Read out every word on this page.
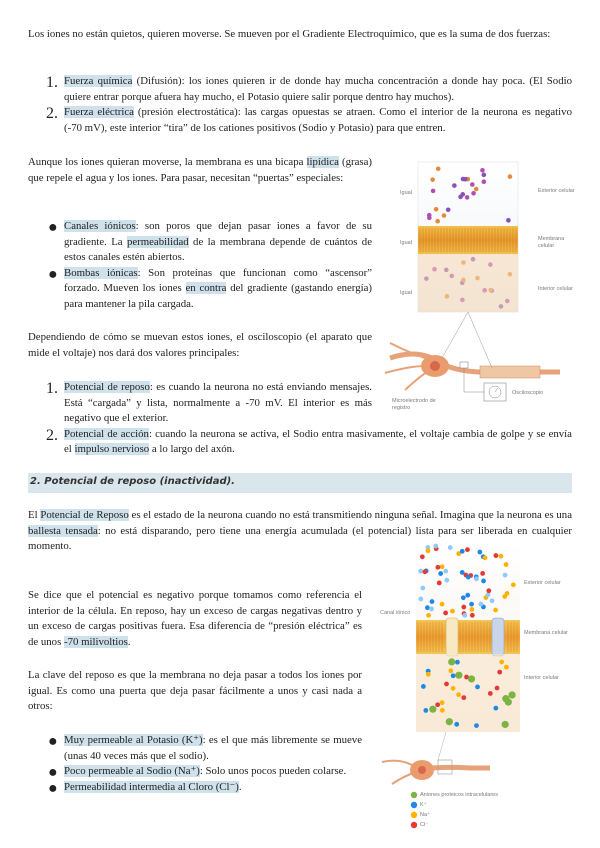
Los iones no están quietos, quieren moverse. Se mueven por el Gradiente Electroquímico, que es la suma de dos fuerzas:

1. Fuerza química (Difusión): los iones quieren ir de donde hay mucha concentración a donde hay poca. (El Sodio quiere entrar porque afuera hay mucho, el Potasio quiere salir porque dentro hay muchos).

2. Fuerza eléctrica (presión electrostática): las cargas opuestas se atraen. Como el interior de la neurona es negativo (-70 mV), este interior “tira” de los cationes positivos (Sodio y Potasio) para que entren.

Aunque los iones quieran moverse, la membrana es una bicapa lipídica (grasa) que repele el agua y los iones. Para pasar, necesitan “puertas” especiales:

● Canales iónicos: son poros que dejan pasar iones a favor de su gradiente. La permeabilidad de la membrana depende de cuántos de estos canales estén abiertos.

● Bombas iónicas: Son proteínas que funcionan como “ascensor” forzado. Mueven los iones en contra del gradiente (gastando energía) para mantener la pila cargada.

Dependiendo de cómo se muevan estos iones, el osciloscopio (el aparato que mide el voltaje) nos dará dos valores principales:

1. Potencial de reposo: es cuando la neurona no está enviando mensajes. Está “cargada” y lista, normalmente a -70 mV. El interior es más negativo que el exterior.

2. Potencial de acción: cuando la neurona se activa, el Sodio entra masivamente, el voltaje cambia de golpe y se envía el impulso nervioso a lo largo del axón.

2. Potencial de reposo (inactividad).

El Potencial de Reposo es el estado de la neurona cuando no está transmitiendo ninguna señal. Imagina que la neurona es una ballesta tensada: no está disparando, pero tiene una energía acumulada (el potencial) lista para ser liberada en cualquier momento.

Se dice que el potencial es negativo porque tomamos como referencia el interior de la célula. En reposo, hay un exceso de cargas negativas dentro y un exceso de cargas positivas fuera. Esa diferencia de “presión eléctrica” es de unos -70 milivoltios.

La clave del reposo es que la membrana no deja pasar a todos los iones por igual. Es como una puerta que deja pasar fácilmente a unos y casi nada a otros:

● Muy permeable al Potasio (K⁺): es el que más libremente se mueve (unas 40 veces más que el sodio).

● Poco permeable al Sodio (Na⁺): Solo unos pocos pueden colarse.

● Permeabilidad intermedia al Cloro (Cl⁻).

Igual
Igual
Igual
Exterior celular
Membrana celular
Interior celular
Microelectrodo de registro
Osciloscopio
Canal iónico
Exterior celular
Membrana celular
Interior celular
Aniones proteicos intracelulares
K⁺
Na⁺
Cl⁻
